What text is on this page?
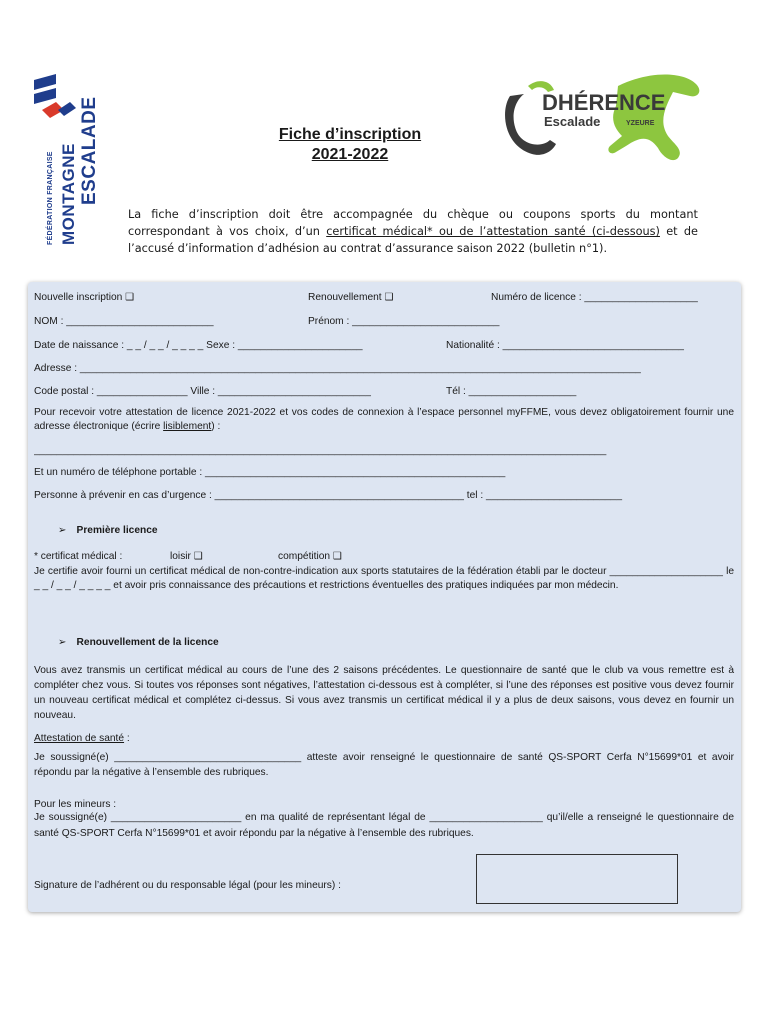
FÉDÉRATION FRANÇAISE MONTAGNE ESCALADE	DHÉRENCE
Escalade	YZEURE
Fiche d’inscription
2021-2022
La fiche d’inscription doit être accompagnée du chèque ou coupons sports du montant correspondant à vos choix, d’un certificat médical* ou de l’attestation santé (ci-dessous) et de l’accusé d’information d’adhésion au contrat d’assurance saison 2022 (bulletin n°1).
Nouvelle inscription ❑	Renouvellement ❑	Numéro de licence : ____________________
NOM : __________________________	Prénom : __________________________
Date de naissance : _ _ / _ _ / _ _ _ _ Sexe : ______________________	Nationalité : ________________________________
Adresse : ___________________________________________________________________________________________________
Code postal : ________________ Ville : ___________________________	Tél : ___________________
Pour recevoir votre attestation de licence 2021-2022 et vos codes de connexion à l’espace personnel myFFME, vous devez obligatoirement fournir une adresse électronique (écrire lisiblement) :
_____________________________________________________________________________________________________
Et un numéro de téléphone portable : _____________________________________________________
Personne à prévenir en cas d’urgence : ____________________________________________ tel : ________________________
➢ Première licence
* certificat médical :	loisir ❑	compétition ❑
Je certifie avoir fourni un certificat médical de non-contre-indication aux sports statutaires de la fédération établi par le docteur ____________________ le _ _ / _ _ / _ _ _ _ et avoir pris connaissance des précautions et restrictions éventuelles des pratiques indiquées par mon médecin.
➢ Renouvellement de la licence
Vous avez transmis un certificat médical au cours de l’une des 2 saisons précédentes. Le questionnaire de santé que le club va vous remettre est à compléter chez vous. Si toutes vos réponses sont négatives, l’attestation ci-dessous est à compléter, si l’une des réponses est positive vous devez fournir un nouveau certificat médical et complétez ci-dessus. Si vous avez transmis un certificat médical il y a plus de deux saisons, vous devez en fournir un nouveau.
Attestation de santé :
Je soussigné(e) _________________________________ atteste avoir renseigné le questionnaire de santé QS-SPORT Cerfa N°15699*01 et avoir répondu par la négative à l’ensemble des rubriques.
Pour les mineurs :
Je soussigné(e) _______________________ en ma qualité de représentant légal de ____________________ qu’il/elle a renseigné le questionnaire de santé QS-SPORT Cerfa N°15699*01 et avoir répondu par la négative à l’ensemble des rubriques.
Signature de l’adhérent ou du responsable légal (pour les mineurs) :
